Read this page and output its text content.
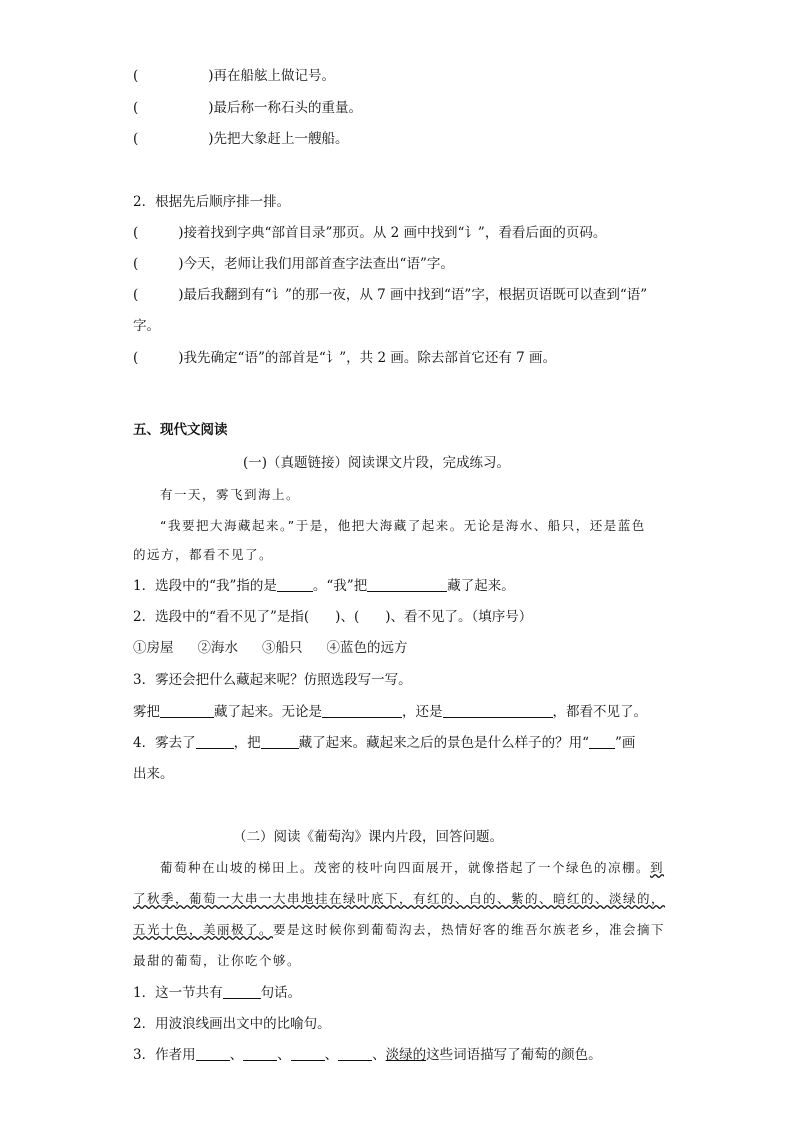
(	)再在船舷上做记号。
(	)最后称一称石头的重量。
(	)先把大象赶上一艘船。
2．根据先后顺序排一排。
(	)接着找到字典“部首目录”那页。从 2 画中找到“讠”，看看后面的页码。
(	)今天，老师让我们用部首查字法查出“语”字。
(	)最后我翻到有“讠”的那一夜，从 7 画中找到“语”字，根据页语既可以查到“语”
字。
(	)我先确定“语”的部首是“讠”，共 2 画。除去部首它还有 7 画。
五、现代文阅读
(一)（真题链接）阅读课文片段，完成练习。
有一天，雾飞到海上。
“我要把大海藏起来。”于是，他把大海藏了起来。无论是海水、船只，还是蓝色
的远方，都看不见了。
1．选段中的“我”指的是	。“我”把	藏了起来。
2．选段中的“看不见了”是指( )、( )、看不见了。（填序号）
①房屋 ②海水 ③船只 ④蓝色的远方
3．雾还会把什么藏起来呢？仿照选段写一写。
雾把	藏了起来。无论是	，还是	，都看不见了。
4．雾去了	，把	藏了起来。藏起来之后的景色是什么样子的？用“ ”画
出来。
（二）阅读《葡萄沟》课内片段，回答问题。
葡萄种在山坡的梯田上。茂密的枝叶向四面展开，就像搭起了一个绿色的凉棚。到
了秋季，葡萄一大串一大串地挂在绿叶底下，有红的、白的、紫的、暗红的、淡绿的，
五光十色，美丽极了。要是这时候你到葡萄沟去，热情好客的维吾尔族老乡，准会摘下
最甜的葡萄，让你吃个够。
1．这一节共有	句话。
2．用波浪线画出文中的比喻句。
3．作者用	、	、	、	、淡绿的这些词语描写了葡萄的颜色。
